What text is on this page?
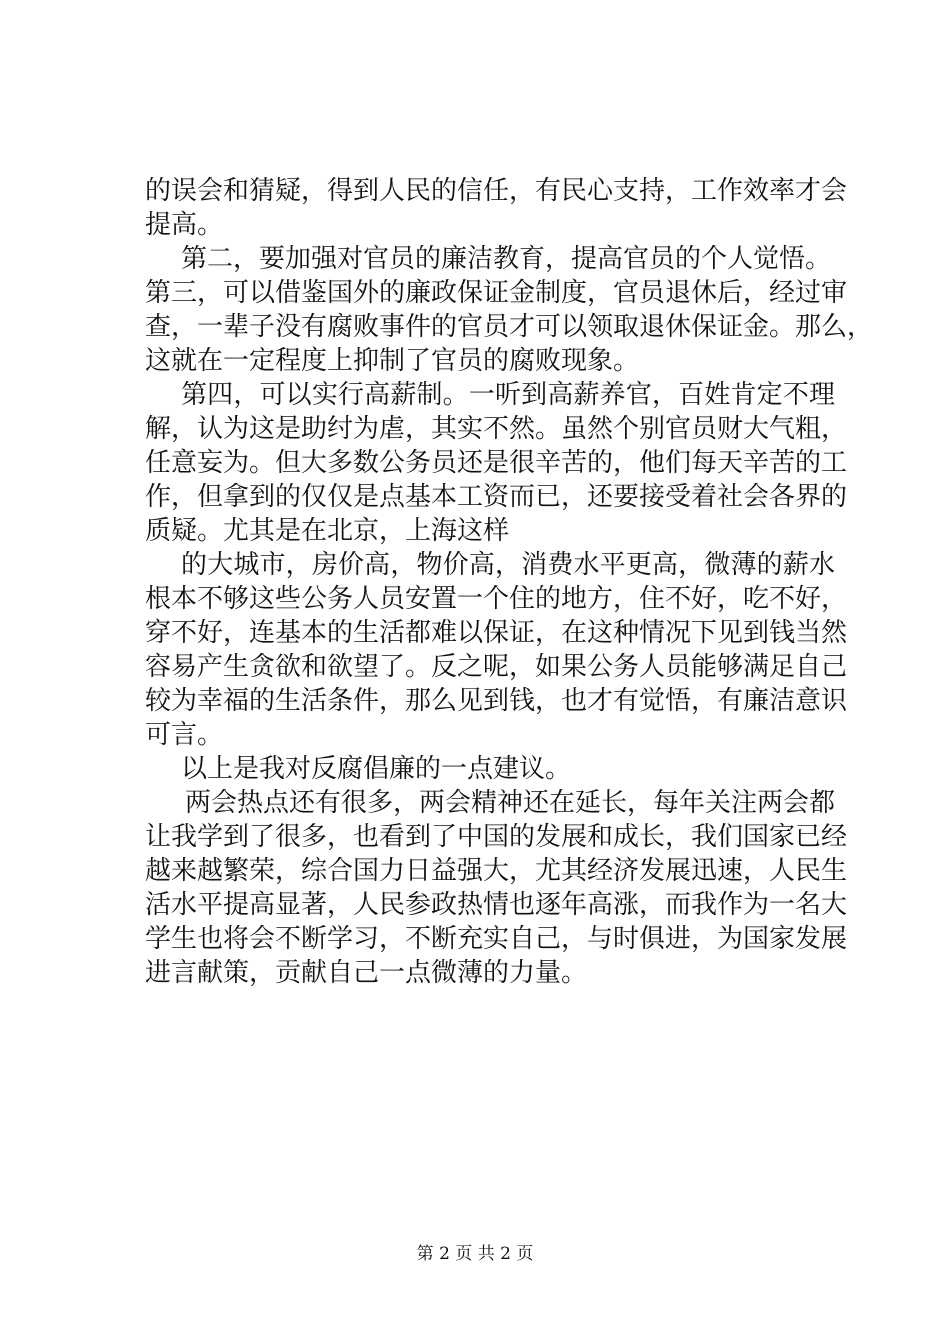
的误会和猜疑，得到人民的信任，有民心支持，工作效率才会
提高。
第二，要加强对官员的廉洁教育，提高官员的个人觉悟。
第三，可以借鉴国外的廉政保证金制度，官员退休后，经过审
查，一辈子没有腐败事件的官员才可以领取退休保证金。那么，
这就在一定程度上抑制了官员的腐败现象。
第四，可以实行高薪制。一听到高薪养官，百姓肯定不理
解，认为这是助纣为虐，其实不然。虽然个别官员财大气粗，
任意妄为。但大多数公务员还是很辛苦的，他们每天辛苦的工
作，但拿到的仅仅是点基本工资而已，还要接受着社会各界的
质疑。尤其是在北京，上海这样
的大城市，房价高，物价高，消费水平更高，微薄的薪水
根本不够这些公务人员安置一个住的地方，住不好，吃不好，
穿不好，连基本的生活都难以保证，在这种情况下见到钱当然
容易产生贪欲和欲望了。反之呢，如果公务人员能够满足自己
较为幸福的生活条件，那么见到钱，也才有觉悟，有廉洁意识
可言。
以上是我对反腐倡廉的一点建议。
两会热点还有很多，两会精神还在延长，每年关注两会都
让我学到了很多，也看到了中国的发展和成长，我们国家已经
越来越繁荣，综合国力日益强大，尤其经济发展迅速，人民生
活水平提高显著，人民参政热情也逐年高涨，而我作为一名大
学生也将会不断学习，不断充实自己，与时俱进，为国家发展
进言献策，贡献自己一点微薄的力量。
第 2 页 共 2 页
